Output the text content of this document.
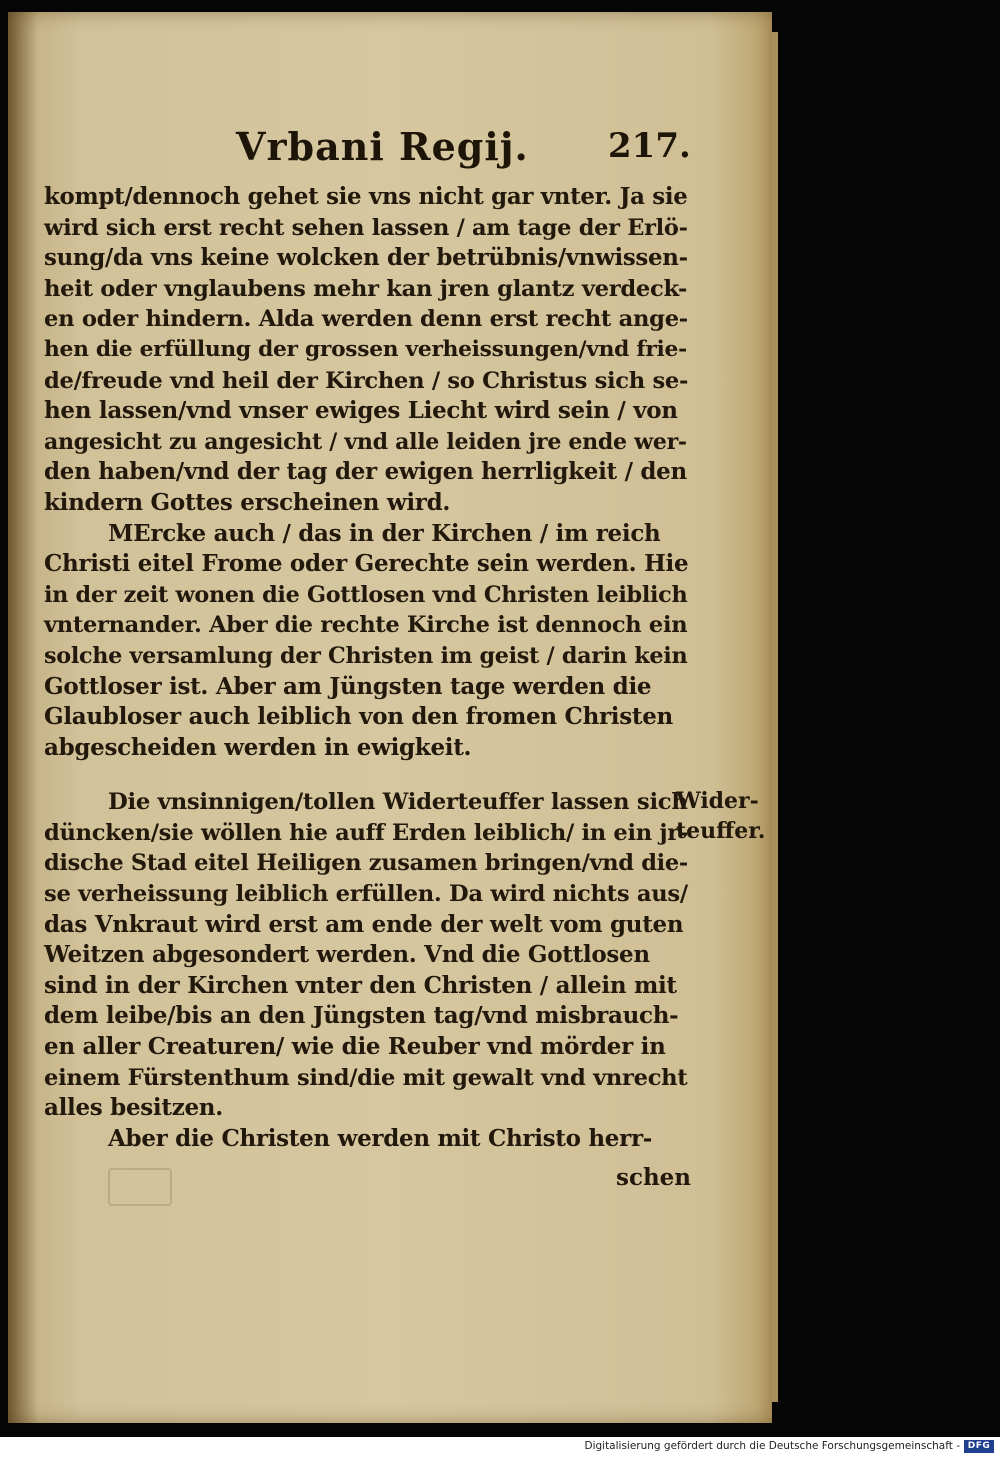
Vrbani Regij. 217.
kompt/dennoch gehet sie vns nicht gar vnter. Ja sie
wird sich erst recht sehen lassen / am tage der Erlö-
sung/da vns keine wolcken der betrübnis/vnwissen-
heit oder vnglaubens mehr kan jren glantz verdeck-
en oder hindern. Alda werden denn erst recht ange-
hen die erfüllung der grossen verheissungen/vnd frie-
de/freude vnd heil der Kirchen / so Christus sich se-
hen lassen/vnd vnser ewiges Liecht wird sein / von
angesicht zu angesicht / vnd alle leiden jre ende wer-
den haben/vnd der tag der ewigen herrligkeit / den
kindern Gottes erscheinen wird.
MErcke auch / das in der Kirchen / im reich
Christi eitel Frome oder Gerechte sein werden. Hie
in der zeit wonen die Gottlosen vnd Christen leiblich
vnternander. Aber die rechte Kirche ist dennoch ein
solche versamlung der Christen im geist / darin kein
Gottloser ist. Aber am Jüngsten tage werden die
Glaubloser auch leiblich von den fromen Christen
abgescheiden werden in ewigkeit.
Die vnsinnigen/tollen Widerteuffer lassen sich
düncken/sie wöllen hie auff Erden leiblich/ in ein jr-
dische Stad eitel Heiligen zusamen bringen/vnd die-
se verheissung leiblich erfüllen. Da wird nichts aus/
das Vnkraut wird erst am ende der welt vom guten
Weitzen abgesondert werden. Vnd die Gottlosen
sind in der Kirchen vnter den Christen / allein mit
dem leibe/bis an den Jüngsten tag/vnd misbrauch-
en aller Creaturen/ wie die Reuber vnd mörder in
einem Fürstenthum sind/die mit gewalt vnd vnrecht
alles besitzen.
Aber die Christen werden mit Christo herr-
Wider-
teuffer.
schen
Digitalisierung gefördert durch die Deutsche Forschungsgemeinschaft - DFG
